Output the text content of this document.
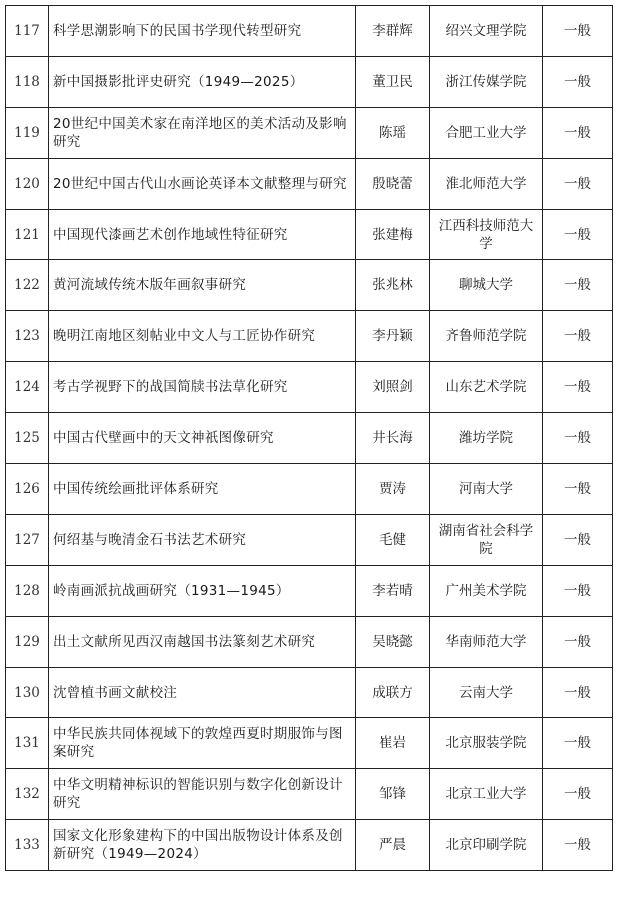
117	科学思潮影响下的民国书学现代转型研究	李群辉	绍兴文理学院	一般
118	新中国摄影批评史研究（1949—2025）	董卫民	浙江传媒学院	一般
119	20世纪中国美术家在南洋地区的美术活动及影响研究	陈瑶	合肥工业大学	一般
120	20世纪中国古代山水画论英译本文献整理与研究	殷晓蕾	淮北师范大学	一般
121	中国现代漆画艺术创作地域性特征研究	张建梅	江西科技师范大学	一般
122	黄河流域传统木版年画叙事研究	张兆林	聊城大学	一般
123	晚明江南地区刻帖业中文人与工匠协作研究	李丹颖	齐鲁师范学院	一般
124	考古学视野下的战国简牍书法草化研究	刘照剑	山东艺术学院	一般
125	中国古代壁画中的天文神祇图像研究	井长海	潍坊学院	一般
126	中国传统绘画批评体系研究	贾涛	河南大学	一般
127	何绍基与晚清金石书法艺术研究	毛健	湖南省社会科学院	一般
128	岭南画派抗战画研究（1931—1945）	李若晴	广州美术学院	一般
129	出土文献所见西汉南越国书法篆刻艺术研究	吴晓懿	华南师范大学	一般
130	沈曾植书画文献校注	成联方	云南大学	一般
131	中华民族共同体视域下的敦煌西夏时期服饰与图案研究	崔岩	北京服装学院	一般
132	中华文明精神标识的智能识别与数字化创新设计研究	邹锋	北京工业大学	一般
133	国家文化形象建构下的中国出版物设计体系及创新研究（1949—2024）	严晨	北京印刷学院	一般
